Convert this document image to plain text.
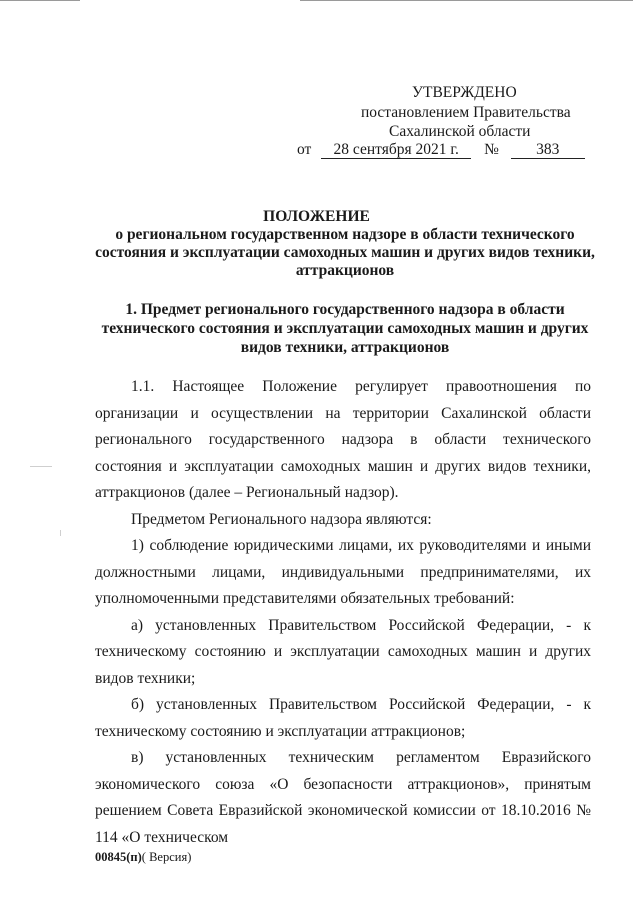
УТВЕРЖДЕНО
постановлением Правительства
Сахалинской области
от 28 сентября 2021 г. № 383
ПОЛОЖЕНИЕ
о региональном государственном надзоре в области технического состояния и эксплуатации самоходных машин и других видов техники, аттракционов
1. Предмет регионального государственного надзора в области технического состояния и эксплуатации самоходных машин и других видов техники, аттракционов

1.1. Настоящее Положение регулирует правоотношения по организации и осуществлении на территории Сахалинской области регионального государственного надзора в области технического состояния и эксплуатации самоходных машин и других видов техники, аттракционов (далее – Региональный надзор).

Предметом Регионального надзора являются:

1) соблюдение юридическими лицами, их руководителями и иными должностными лицами, индивидуальными предпринимателями, их уполномоченными представителями обязательных требований:

а) установленных Правительством Российской Федерации, - к техническому состоянию и эксплуатации самоходных машин и других видов техники;

б) установленных Правительством Российской Федерации, - к техническому состоянию и эксплуатации аттракционов;

в) установленных техническим регламентом Евразийского экономического союза «О безопасности аттракционов», принятым решением Совета Евразийской экономической комиссии от 18.10.2016 № 114 «О техническом

00845(п)( Версия)
